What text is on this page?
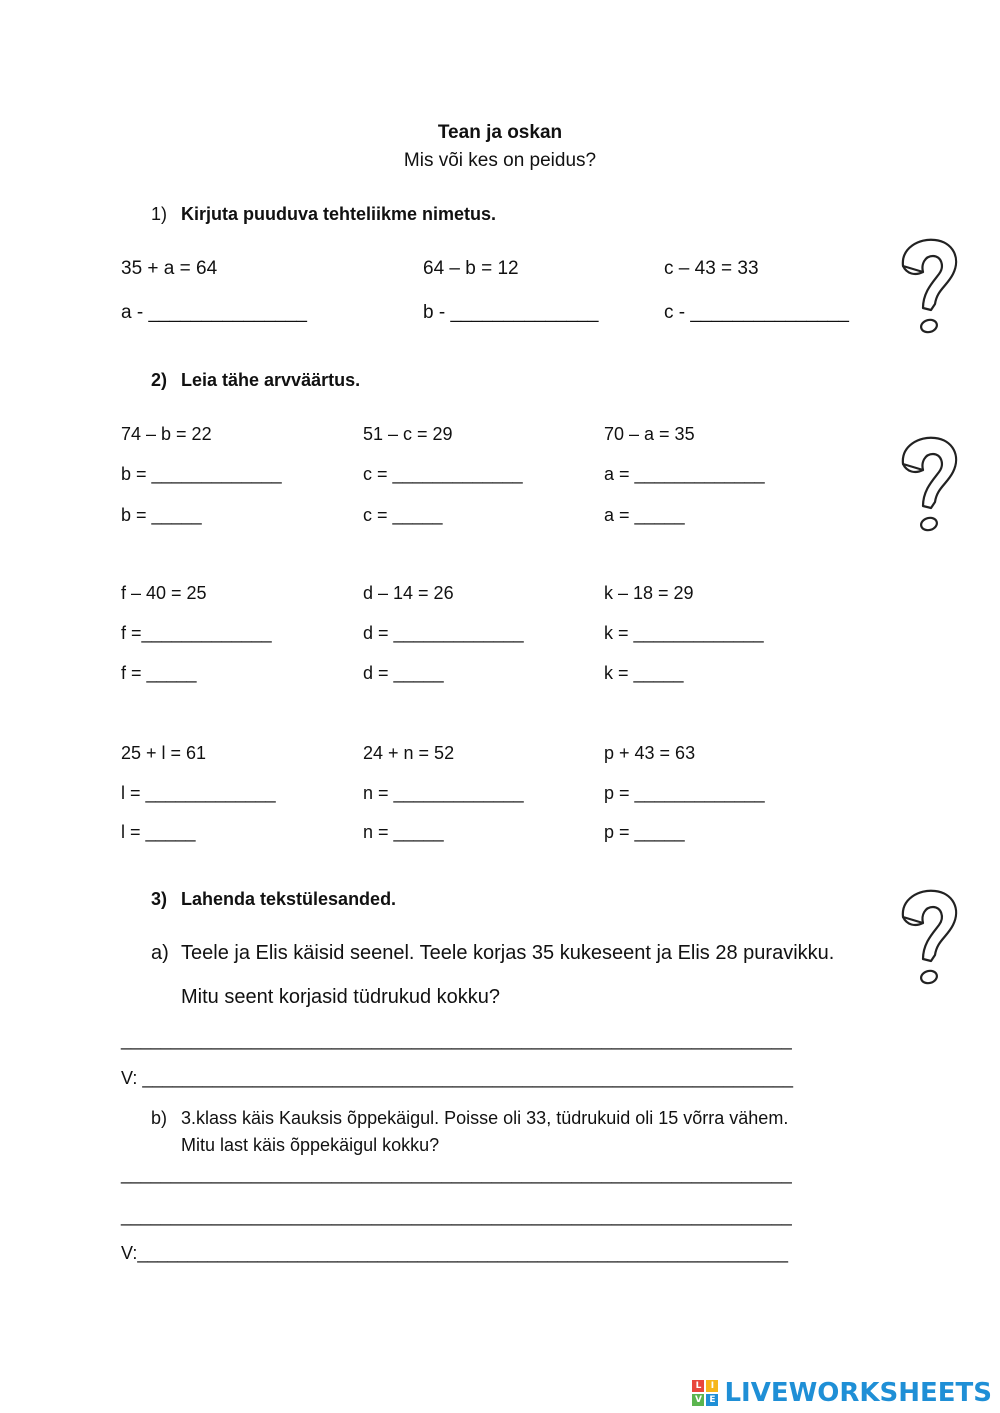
Tean ja oskan
Mis või kes on peidus?
1) Kirjuta puuduva tehteliikme nimetus.
35 + a = 64	64 – b = 12	c – 43 = 33
a - _______________	b - ______________	c - _______________
2) Leia tähe arvväärtus.
74 – b = 22	51 – c = 29	70 – a = 35
b = _____________	c = _____________	a = _____________
b = _____	c = _____	a = _____
f – 40 = 25	d – 14 = 26	k – 18 = 29
f =_____________	d = _____________	k = _____________
f = _____	d = _____	k = _____
25 + l = 61	24 + n = 52	p + 43 = 63
l = _____________	n = _____________	p = _____________
l = _____	n = _____	p = _____
3) Lahenda tekstülesanded.
a) Teele ja Elis käisid seenel. Teele korjas 35 kukeseent ja Elis 28 puravikku.
Mitu seent korjasid tüdrukud kokku?
___________________________________________________________________
V: _________________________________________________________________
b) 3.klass käis Kauksis õppekäigul. Poisse oli 33, tüdrukuid oli 15 võrra vähem.
Mitu last käis õppekäigul kokku?
___________________________________________________________________
___________________________________________________________________
V:_________________________________________________________________
L	I
V E LIVEWORKSHEETS
